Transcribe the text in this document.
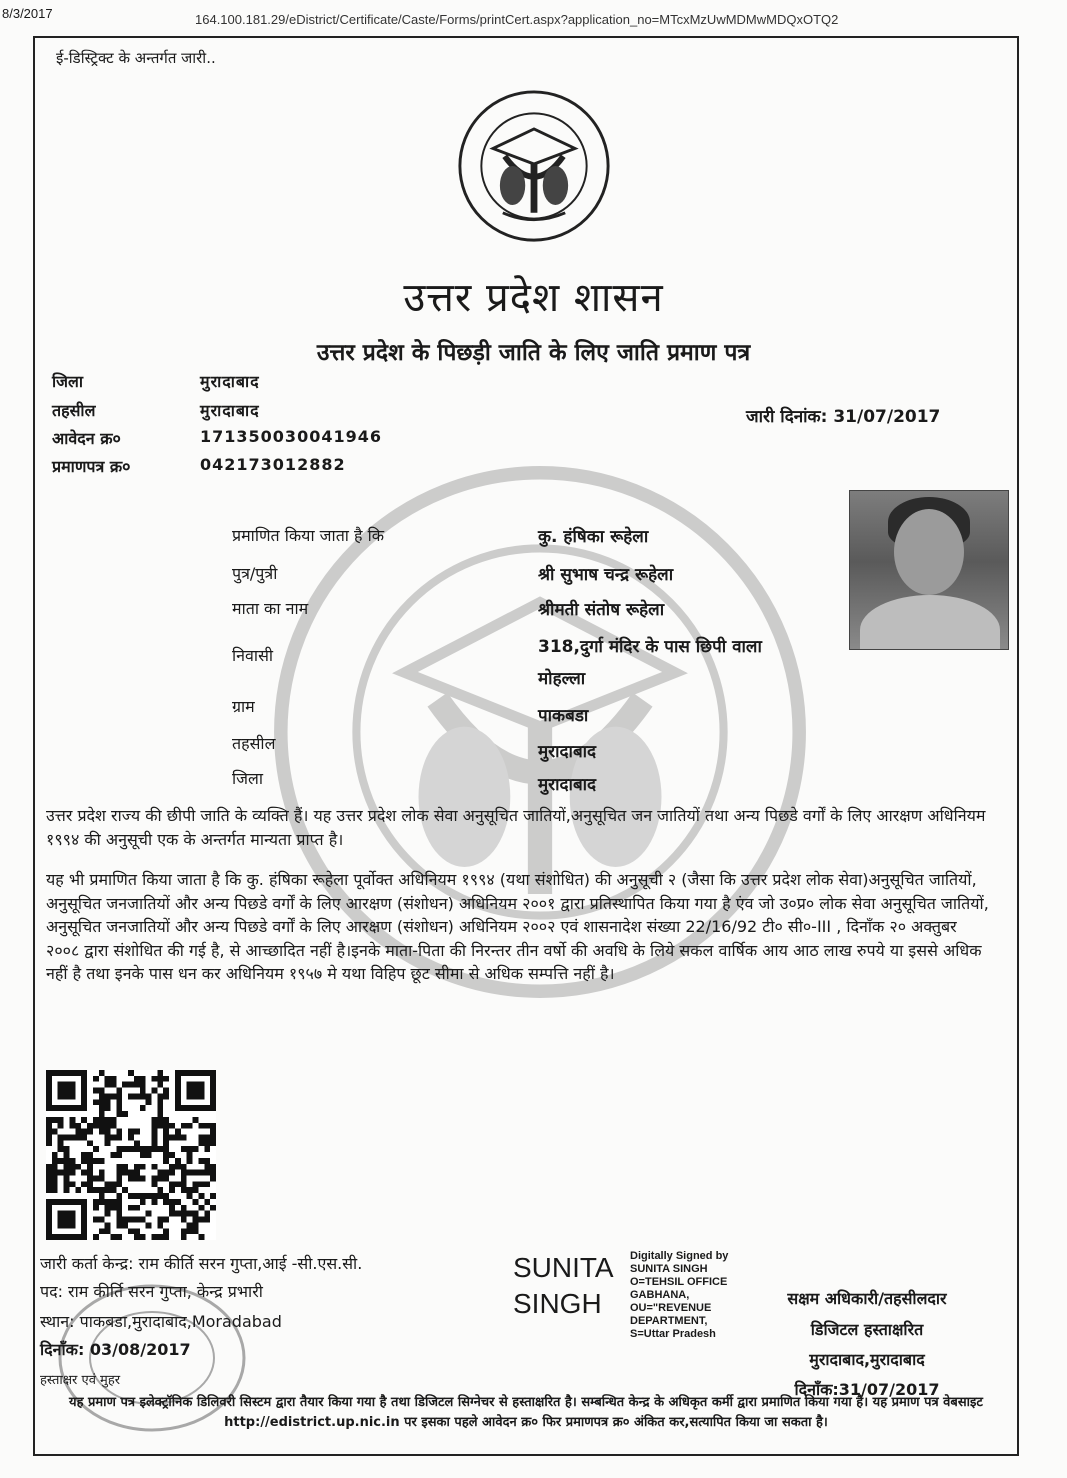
8/3/2017	164.100.181.29/eDistrict/Certificate/Caste/Forms/printCert.aspx?application_no=MTcxMzUwMDMwMDQxOTQ2
ई-डिस्ट्रिक्ट के अन्तर्गत जारी..
उत्तर प्रदेश शासन
उत्तर प्रदेश के पिछड़ी जाति के लिए जाति प्रमाण पत्र
जिला	मुरादाबाद
तहसील	मुरादाबाद
आवेदन क्र०	171350030041946
प्रमाणपत्र क्र०	042173012882
जारी दिनांक: 31/07/2017
प्रमाणित किया जाता है कि	कु. हंषिका रूहेला
पुत्र/पुत्री	श्री सुभाष चन्द्र रूहेला
माता का नाम	श्रीमती संतोष रूहेला
निवासी	318,दुर्गा मंदिर के पास छिपी वाला
मोहल्ला
ग्राम	पाकबडा
तहसील	मुरादाबाद
जिला	मुरादाबाद
उत्तर प्रदेश राज्य की छीपी जाति के व्यक्ति हैं। यह उत्तर प्रदेश लोक सेवा अनुसूचित जातियों,अनुसूचित जन जातियों तथा अन्य पिछडे वर्गों के लिए आरक्षण अधिनियम १९९४ की अनुसूची एक के अन्तर्गत मान्यता प्राप्त है।
यह भी प्रमाणित किया जाता है कि कु. हंषिका रूहेला पूर्वोक्त अधिनियम १९९४ (यथा संशोधित) की अनुसूची २ (जैसा कि उत्तर प्रदेश लोक सेवा)अनुसूचित जातियों, अनुसूचित जनजातियों और अन्य पिछडे वर्गों के लिए आरक्षण (संशोधन) अधिनियम २००१ द्वारा प्रतिस्थापित किया गया है एंव जो उ०प्र० लोक सेवा अनुसूचित जातियों, अनुसूचित जनजातियों और अन्य पिछडे वर्गों के लिए आरक्षण (संशोधन) अधिनियम २००२ एवं शासनादेश संख्या 22/16/92 टी० सी०-III , दिनाँक २० अक्तुबर २००८ द्वारा संशोधित की गई है, से आच्छादित नहीं है।इनके माता-पिता की निरन्तर तीन वर्षो की अवधि के लिये सकल वार्षिक आय आठ लाख रुपये या इससे अधिक नहीं है तथा इनके पास धन कर अधिनियम १९५७ मे यथा विहिप छूट सीमा से अधिक सम्पत्ति नहीं है।
जारी कर्ता केन्द्र: राम कीर्ति सरन गुप्ता,आई -सी.एस.सी.
पद: राम कीर्ति सरन गुप्ता, केन्द्र प्रभारी
स्थान: पाकबडा,मुरादाबाद,Moradabad
दिनाँक: 03/08/2017
हस्ताक्षर एवं मुहर
SUNITA
SINGH
Digitally Signed by
SUNITA SINGH
O=TEHSIL OFFICE
GABHANA,
OU="REVENUE
DEPARTMENT,
S=Uttar Pradesh
सक्षम अधिकारी/तहसीलदार
डिजिटल हस्ताक्षरित
मुरादाबाद,मुरादाबाद
दिनाँक:31/07/2017
यह प्रमाण पत्र इलेक्ट्रॉनिक डिलिवरी सिस्टम द्वारा तैयार किया गया है तथा डिजिटल सिग्नेचर से हस्ताक्षरित है। सम्बन्धित केन्द्र के अधिकृत कर्मी द्वारा प्रमाणित किया गया है। यह प्रमाण पत्र वेबसाइट http://edistrict.up.nic.in पर इसका पहले आवेदन क्र० फिर प्रमाणपत्र क्र० अंकित कर,सत्यापित किया जा सकता है।
